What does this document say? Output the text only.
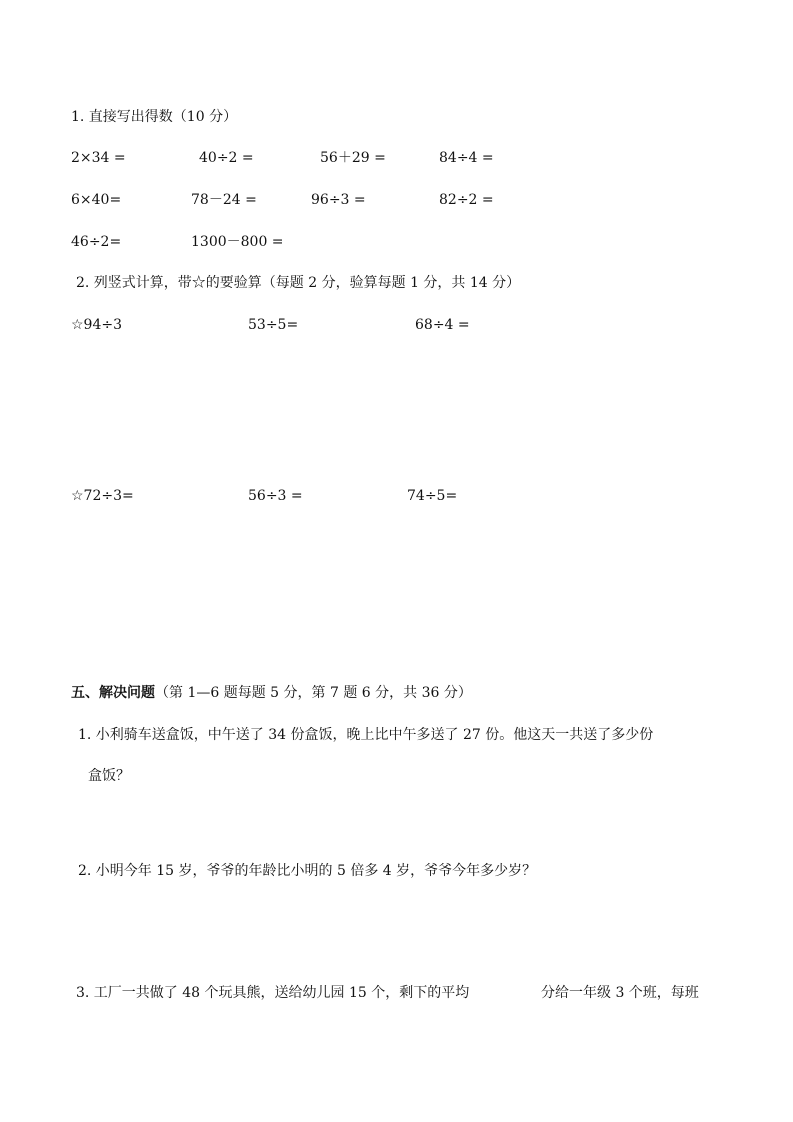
1. 直接写出得数（10 分）
2×34 =	40÷2 =	56＋29 =	84÷4 =
6×40=	78－24 =	96÷3 =	82÷2 =
46÷2=	1300－800 =
2. 列竖式计算，带☆的要验算（每题 2 分，验算每题 1 分，共 14 分）
☆94÷3	53÷5=	68÷4 =
☆72÷3=	56÷3 =	74÷5=
五、解决问题（第 1—6 题每题 5 分，第 7 题 6 分，共 36 分）
1. 小利骑车送盒饭，中午送了 34 份盒饭，晚上比中午多送了 27 份。他这天一共送了多少份
盒饭？
2. 小明今年 15 岁，爷爷的年龄比小明的 5 倍多 4 岁，爷爷今年多少岁？
3. 工厂一共做了 48 个玩具熊，送给幼儿园 15 个，剩下的平均	分给一年级 3 个班，每班
